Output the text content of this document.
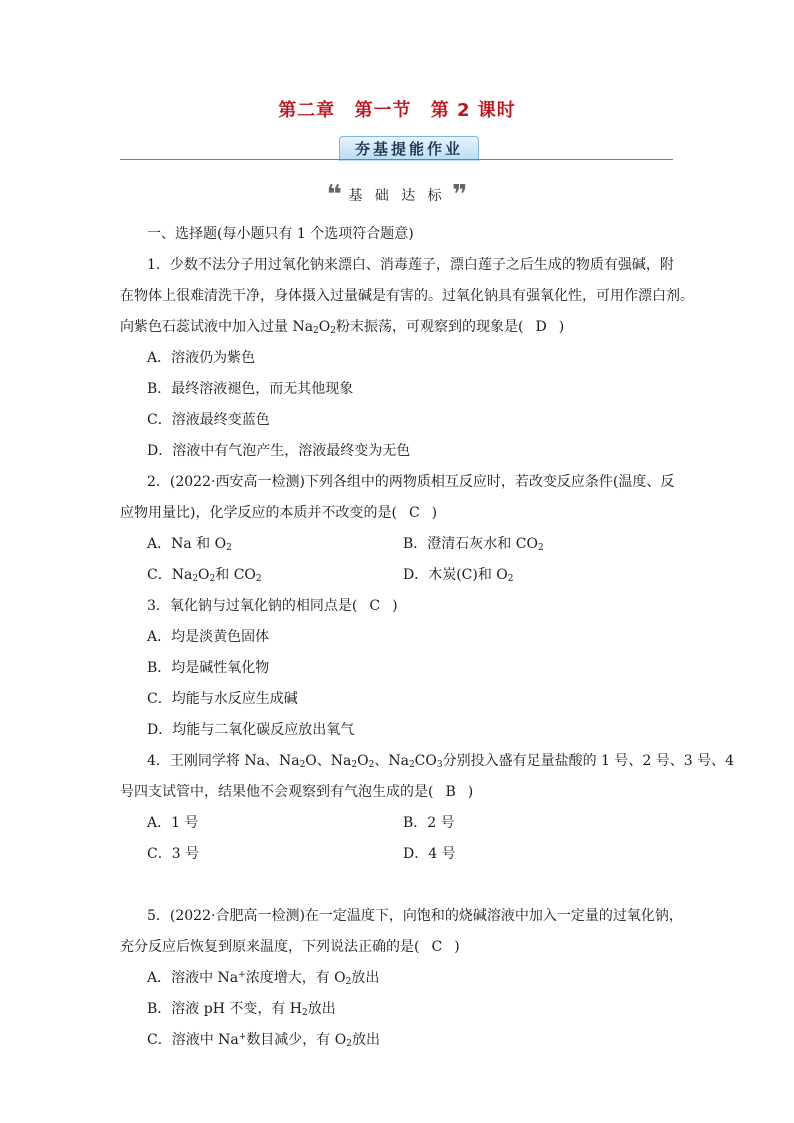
第二章 第一节 第 2 课时
夯基提能作业
❝ 基 础 达 标 ❞
一、选择题(每小题只有 1 个选项符合题意)
1．少数不法分子用过氧化钠来漂白、消毒莲子，漂白莲子之后生成的物质有强碱，附
在物体上很难清洗干净，身体摄入过量碱是有害的。过氧化钠具有强氧化性，可用作漂白剂。
向紫色石蕊试液中加入过量 $Na_2O_2$粉末振荡，可观察到的现象是( D )
A．溶液仍为紫色
B．最终溶液褪色，而无其他现象
C．溶液最终变蓝色
D．溶液中有气泡产生，溶液最终变为无色
2．(2022·西安高一检测)下列各组中的两物质相互反应时，若改变反应条件(温度、反
应物用量比)，化学反应的本质并不改变的是( C )
A．Na 和 $O_2$	B．澄清石灰水和 $CO_2$
C．$Na_2O_2$和 $CO_2$	D．木炭(C)和 $O_2$
3．氧化钠与过氧化钠的相同点是( C )
A．均是淡黄色固体
B．均是碱性氧化物
C．均能与水反应生成碱
D．均能与二氧化碳反应放出氧气
4．王刚同学将 Na、$Na_2O$、$Na_2O_2$、$Na_2CO_3$分别投入盛有足量盐酸的 1 号、2 号、3 号、4
号四支试管中，结果他不会观察到有气泡生成的是( B )
A．1 号	B．2 号
C．3 号	D．4 号
5．(2022·合肥高一检测)在一定温度下，向饱和的烧碱溶液中加入一定量的过氧化钠，
充分反应后恢复到原来温度，下列说法正确的是( C )
A．溶液中 Na+浓度增大，有 $O_2$放出
B．溶液 pH 不变，有 $H_2$放出
C．溶液中 Na+数目减少，有 $O_2$放出
